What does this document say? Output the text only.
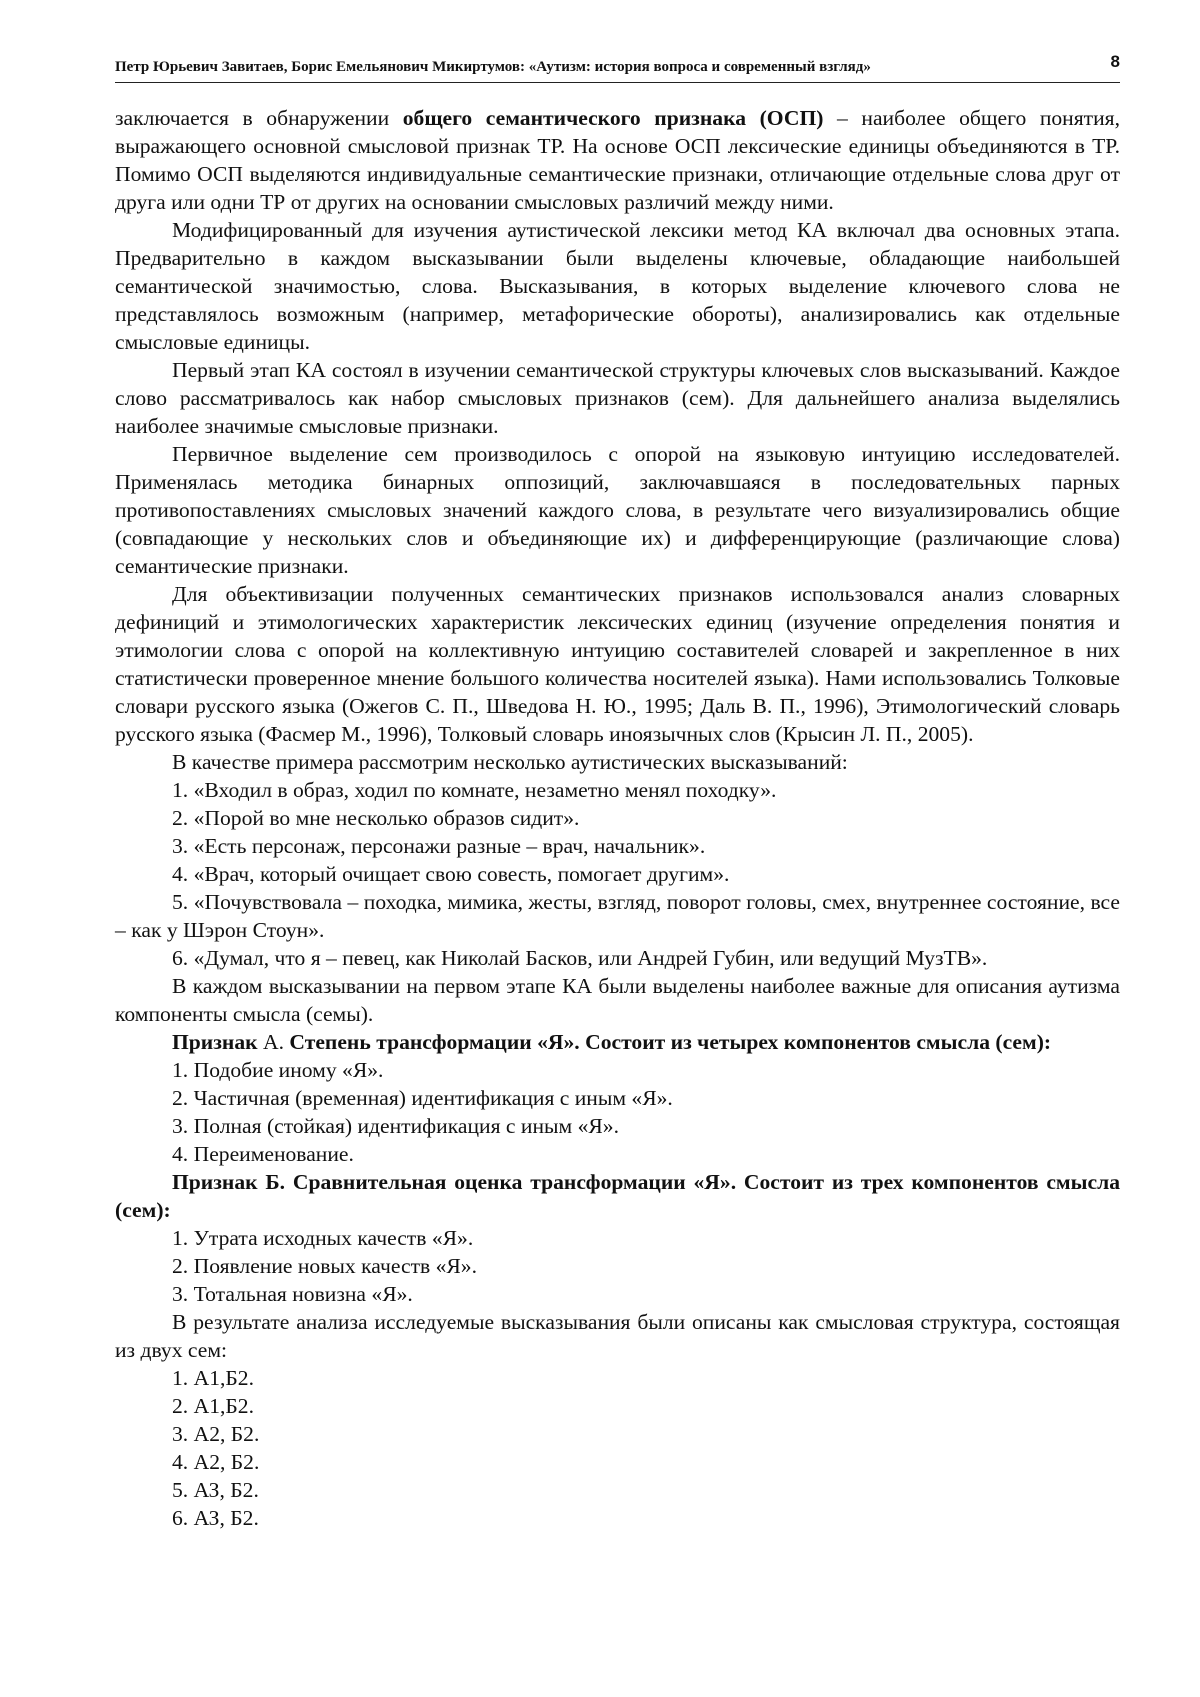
Петр Юрьевич Завитаев, Борис Емельянович Микиртумов: «Аутизм: история вопроса и современный взгляд»	8

заключается в обнаружении общего семантического признака (ОСП) – наиболее общего понятия, выражающего основной смысловой признак ТР. На основе ОСП лексические единицы объединяются в ТР. Помимо ОСП выделяются индивидуальные семантические признаки, отличающие отдельные слова друг от друга или одни ТР от других на основании смысловых различий между ними.

Модифицированный для изучения аутистической лексики метод КА включал два основных этапа. Предварительно в каждом высказывании были выделены ключевые, обладающие наибольшей семантической значимостью, слова. Высказывания, в которых выделение ключевого слова не представлялось возможным (например, метафорические обороты), анализировались как отдельные смысловые единицы.

Первый этап КА состоял в изучении семантической структуры ключевых слов высказываний. Каждое слово рассматривалось как набор смысловых признаков (сем). Для дальнейшего анализа выделялись наиболее значимые смысловые признаки.

Первичное выделение сем производилось с опорой на языковую интуицию исследователей. Применялась методика бинарных оппозиций, заключавшаяся в последовательных парных противопоставлениях смысловых значений каждого слова, в результате чего визуализировались общие (совпадающие у нескольких слов и объединяющие их) и дифференцирующие (различающие слова) семантические признаки.

Для объективизации полученных семантических признаков использовался анализ словарных дефиниций и этимологических характеристик лексических единиц (изучение определения понятия и этимологии слова с опорой на коллективную интуицию составителей словарей и закрепленное в них статистически проверенное мнение большого количества носителей языка). Нами использовались Толковые словари русского языка (Ожегов С. П., Шведова Н. Ю., 1995; Даль В. П., 1996), Этимологический словарь русского языка (Фасмер М., 1996), Толковый словарь иноязычных слов (Крысин Л. П., 2005).

В качестве примера рассмотрим несколько аутистических высказываний:

1. «Входил в образ, ходил по комнате, незаметно менял походку».

2. «Порой во мне несколько образов сидит».

3. «Есть персонаж, персонажи разные – врач, начальник».

4. «Врач, который очищает свою совесть, помогает другим».

5. «Почувствовала – походка, мимика, жесты, взгляд, поворот головы, смех, внутреннее состояние, все – как у Шэрон Стоун».

6. «Думал, что я – певец, как Николай Басков, или Андрей Губин, или ведущий МузТВ».

В каждом высказывании на первом этапе КА были выделены наиболее важные для описания аутизма компоненты смысла (семы).

Признак А. Степень трансформации «Я». Состоит из четырех компонентов смысла (сем):

1. Подобие иному «Я».

2. Частичная (временная) идентификация с иным «Я».

3. Полная (стойкая) идентификация с иным «Я».

4. Переименование.

Признак Б. Сравнительная оценка трансформации «Я». Состоит из трех компонентов смысла (сем):

1. Утрата исходных качеств «Я».

2. Появление новых качеств «Я».

3. Тотальная новизна «Я».

В результате анализа исследуемые высказывания были описаны как смысловая структура, состоящая из двух сем:

1. А1,Б2.

2. А1,Б2.

3. А2, Б2.

4. А2, Б2.

5. АЗ, Б2.

6. АЗ, Б2.
